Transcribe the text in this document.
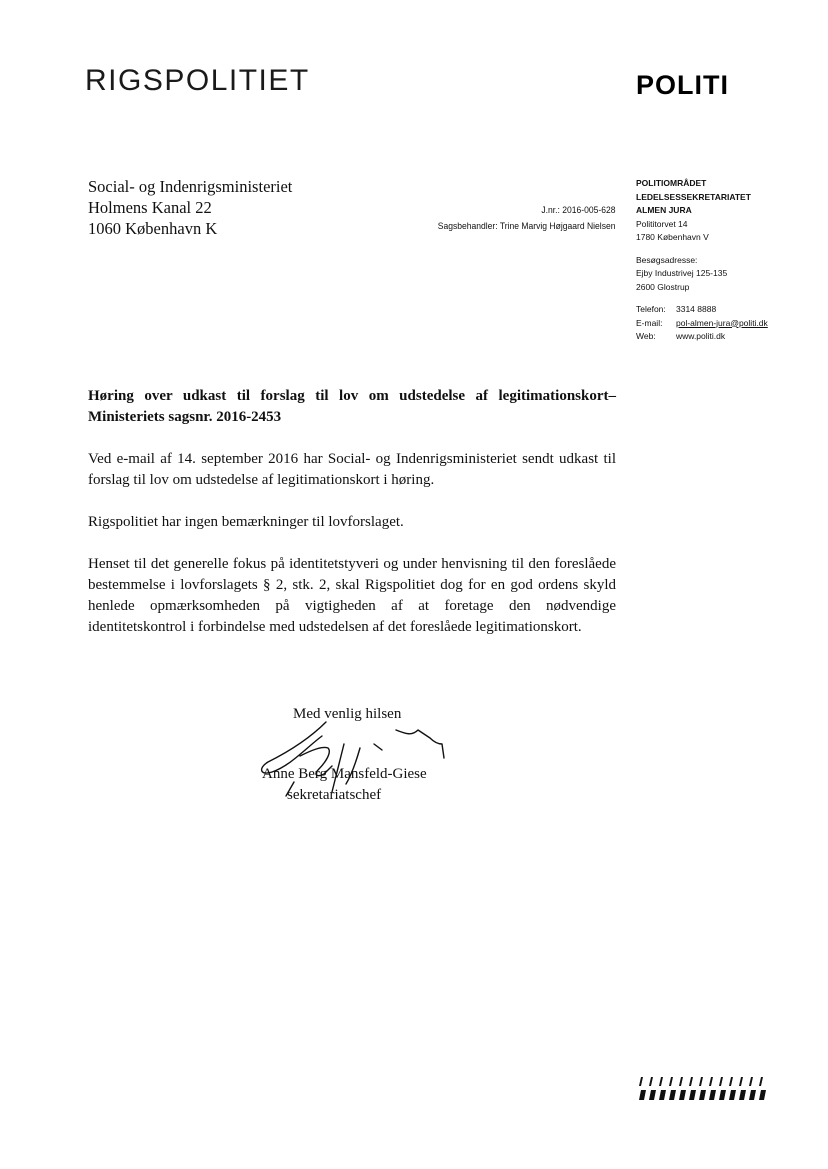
RIGSPOLITIET	POLITI
Social- og Indenrigsministeriet
Holmens Kanal 22
1060 København K
J.nr.: 2016-005-628
Sagsbehandler: Trine Marvig Højgaard Nielsen
POLITIOMRÅDET
LEDELSESSEKRETARIATET
ALMEN JURA
Polititorvet 14
1780 København V
Besøgsadresse:
Ejby Industrivej 125-135
2600 Glostrup
Telefon: 3314 8888
E-mail: pol-almen-jura@politi.dk
Web: www.politi.dk

Høring over udkast til forslag til lov om udstedelse af legitimationskort– Ministeriets sagsnr. 2016-2453

Ved e-mail af 14. september 2016 har Social- og Indenrigsministeriet sendt udkast til forslag til lov om udstedelse af legitimationskort i høring.

Rigspolitiet har ingen bemærkninger til lovforslaget.

Henset til det generelle fokus på identitetstyveri og under henvisning til den foreslåede bestemmelse i lovforslagets § 2, stk. 2, skal Rigspolitiet dog for en god ordens skyld henlede opmærksomheden på vigtigheden af at foretage den nødvendige identitetskontrol i forbindelse med udstedelsen af det foreslåede legitimationskort.

Med venlig hilsen
Anne Berg Mansfeld-Giese
sekretariatschef
